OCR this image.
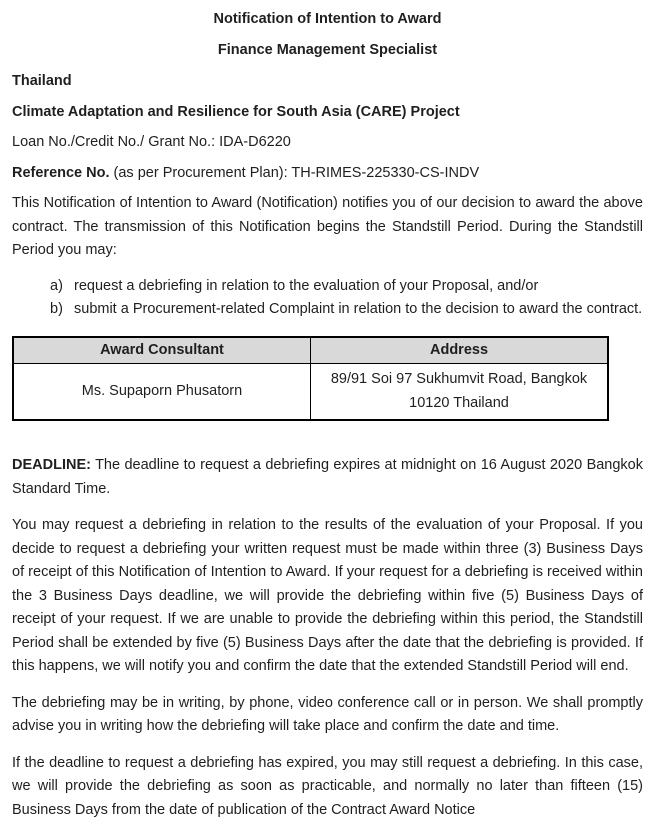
Notification of Intention to Award
Finance Management Specialist
Thailand
Climate Adaptation and Resilience for South Asia (CARE) Project
Loan No./Credit No./ Grant No.: IDA-D6220
Reference No. (as per Procurement Plan): TH-RIMES-225330-CS-INDV
This Notification of Intention to Award (Notification) notifies you of our decision to award the above contract. The transmission of this Notification begins the Standstill Period. During the Standstill Period you may:
a) request a debriefing in relation to the evaluation of your Proposal, and/or
b) submit a Procurement-related Complaint in relation to the decision to award the contract.
Award Consultant	Address
Ms. Supaporn Phusatorn	89/91 Soi 97 Sukhumvit Road, Bangkok 10120 Thailand
DEADLINE: The deadline to request a debriefing expires at midnight on 16 August 2020 Bangkok Standard Time.
You may request a debriefing in relation to the results of the evaluation of your Proposal. If you decide to request a debriefing your written request must be made within three (3) Business Days of receipt of this Notification of Intention to Award. If your request for a debriefing is received within the 3 Business Days deadline, we will provide the debriefing within five (5) Business Days of receipt of your request. If we are unable to provide the debriefing within this period, the Standstill Period shall be extended by five (5) Business Days after the date that the debriefing is provided. If this happens, we will notify you and confirm the date that the extended Standstill Period will end.
The debriefing may be in writing, by phone, video conference call or in person. We shall promptly advise you in writing how the debriefing will take place and confirm the date and time.
If the deadline to request a debriefing has expired, you may still request a debriefing. In this case, we will provide the debriefing as soon as practicable, and normally no later than fifteen (15) Business Days from the date of publication of the Contract Award Notice
